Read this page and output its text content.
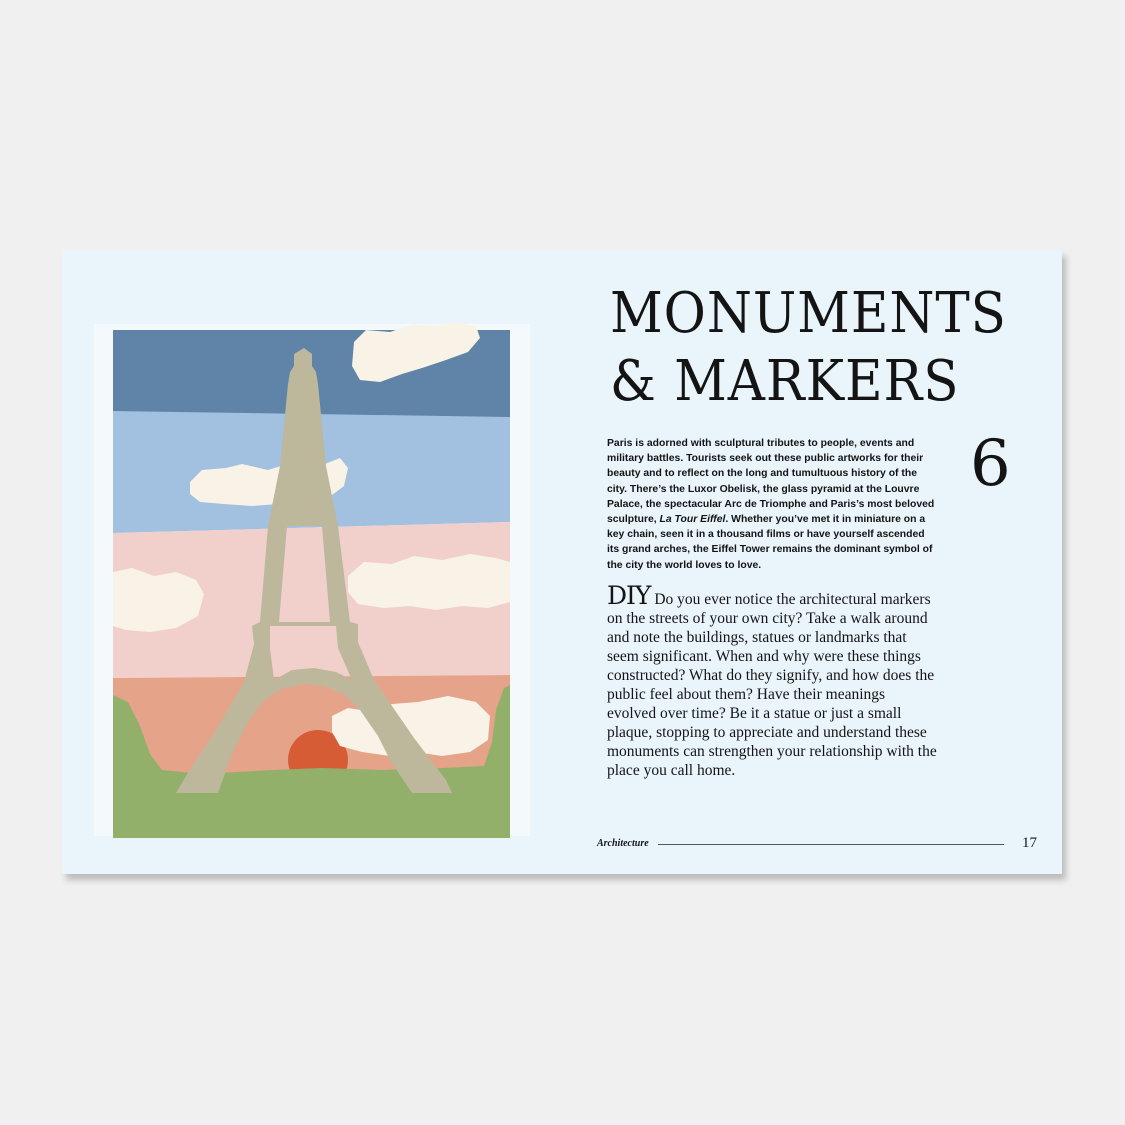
MONUMENTS
& MARKERS
6

Paris is adorned with sculptural tributes to people, events and military battles. Tourists seek out these public artworks for their beauty and to reflect on the long and tumultuous history of the city. There’s the Luxor Obelisk, the glass pyramid at the Louvre Palace, the spectacular Arc de Triomphe and Paris’s most beloved sculpture, La Tour Eiffel. Whether you’ve met it in miniature on a key chain, seen it in a thousand films or have yourself ascended its grand arches, the Eiffel Tower remains the dominant symbol of the city the world loves to love.

DIY Do you ever notice the architectural markers on the streets of your own city? Take a walk around and note the buildings, statues or landmarks that seem significant. When and why were these things constructed? What do they signify, and how does the public feel about them? Have their meanings evolved over time? Be it a statue or just a small plaque, stopping to appreciate and understand these monuments can strengthen your relationship with the place you call home.

Architecture	17
